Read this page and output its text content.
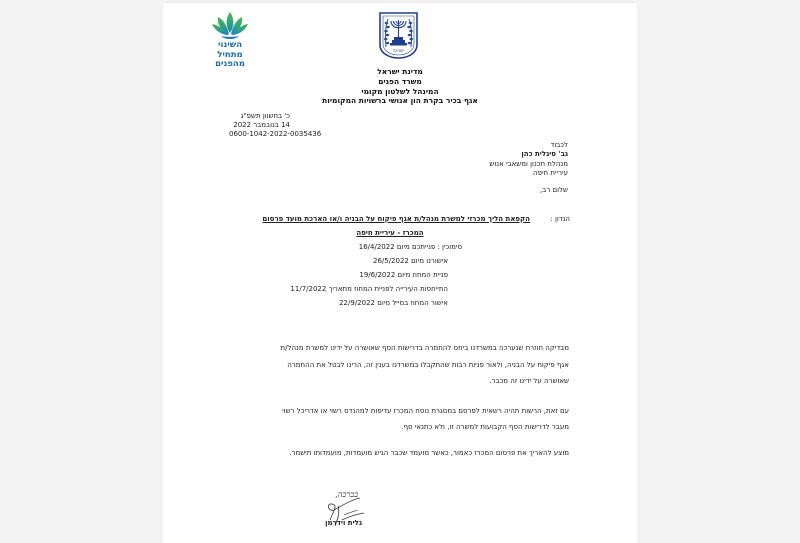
השינוי
מתחיל
מהפנים
ישראל
מדינת ישראל
משרד הפנים
המינהל לשלטון מקומי
אגף בכיר בקרת הון אנושי ברשויות המקומיות
כ' בחשוון תשפ"ג
14 בנובמבר 2022
0600-1042-2022-0035436
לכבוד
גב' סיגלית כהן
מנהלת תכנון ומשאבי אנוש
עיריית חיפה
שלום רב,
הנדון :
הקפאת הליך מכרזי למשרת מנהל/ת אגף פיקוח על הבניה ו/או הארכת מועד פרסום
המכרז - עיריית חיפה
סימוכין : פנייתכם מיום 16/4/2022
אישורנו מיום 26/5/2022
פניית המחוז מיום 19/6/2022
התייחסות העירייה לפניית המחוז מתאריך 11/7/2022
אישור המחוז במייל מיום 22/9/2022
מבדיקה חוזרת שנערכה במשרדנו ביחס להחמרה בדרישות הסף שאושרה על ידינו למשרת מנהל/ת
אגף פיקוח על הבניה, ולאור פניות רבות שהתקבלו במשרדנו בענין זה, הרינו לבטל את ההחמרה
שאושרה על ידינו זה מכבר.
עם זאת, הרשות תהיה רשאית לפרסם במסגרת נוסח המכרז עדיפות למהנדס רשוי או אדריכל רשוי
מעבר לדרישות הסף הקבועות למשרה זו, ולא כתנאי סף.
מוצע להאריך את פרסום המכרז כאמור, כאשר מועמד שכבר הגיש מועמדות, מועמדותו תישמר.
בברכה,
גלית וידרמן
